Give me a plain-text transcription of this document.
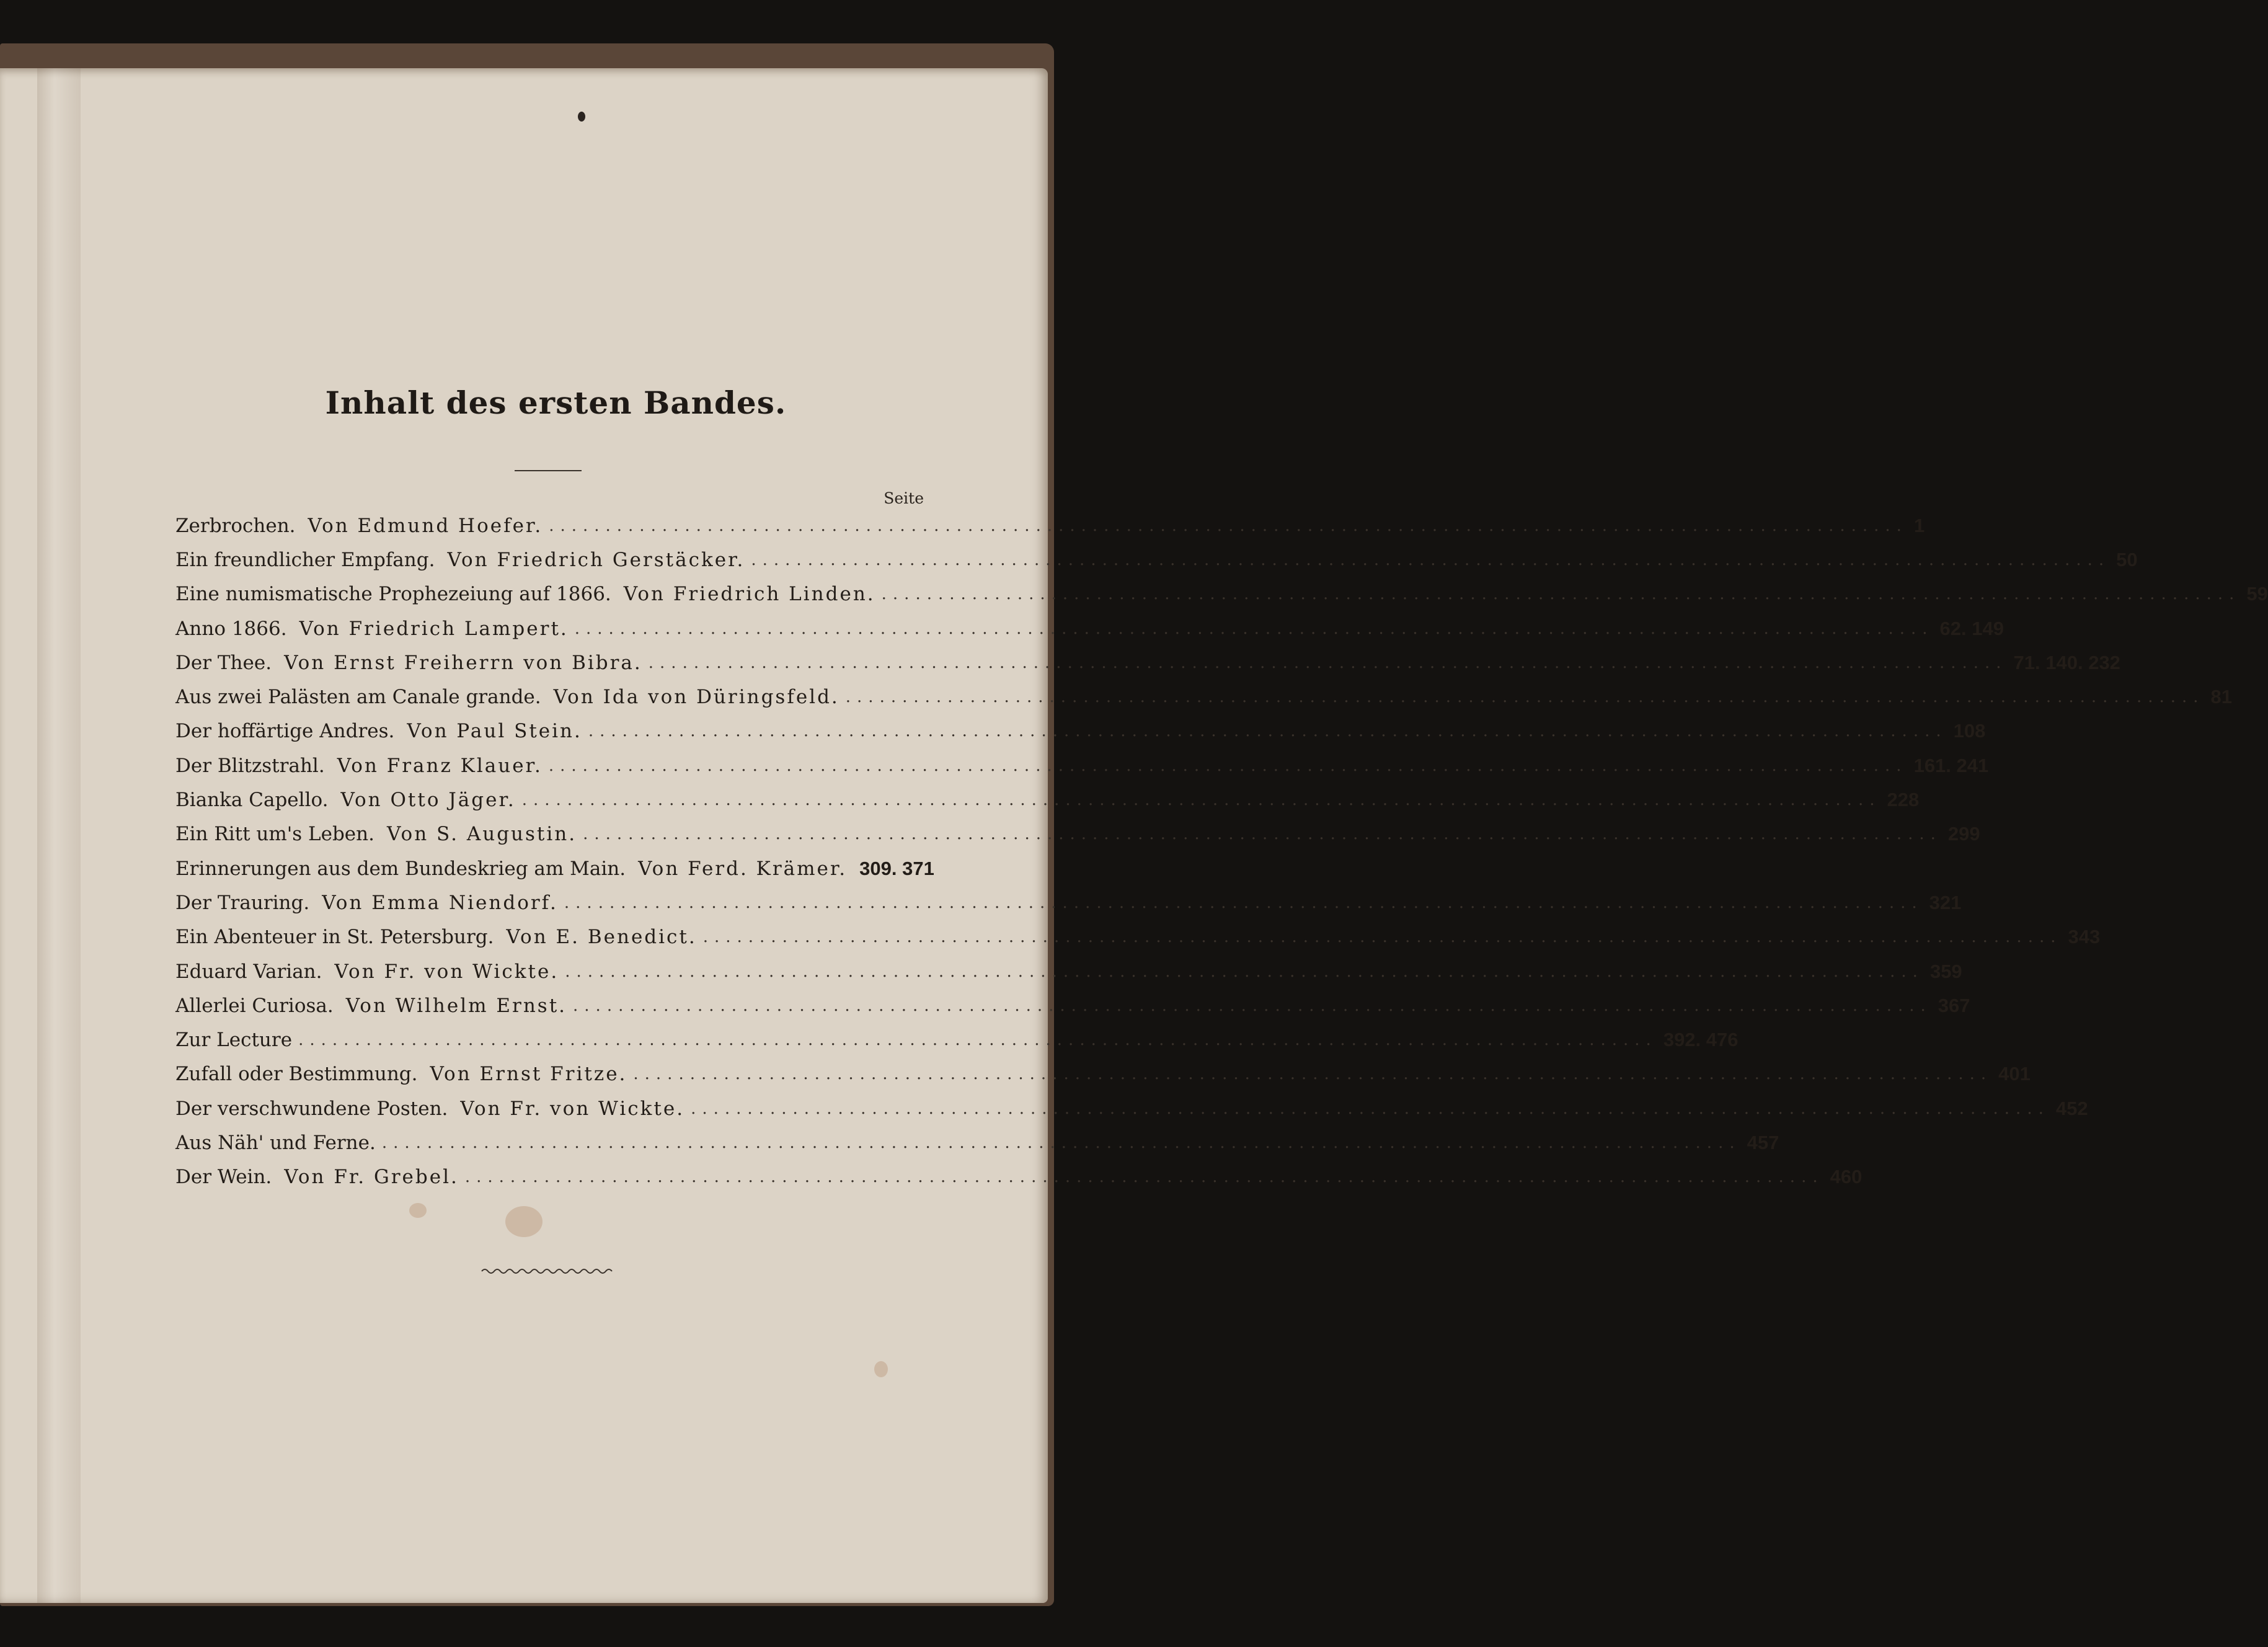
Inhalt des ersten Bandes.
Seite
Zerbrochen. Von Edmund Hoefer. ........................................................................................................................ 1
Ein freundlicher Empfang. Von Friedrich Gerstäcker. ........................................................................................................................ 50
Eine numismatische Prophezeiung auf 1866. Von Friedrich Linden. ........................................................................................................................ 59
Anno 1866. Von Friedrich Lampert. ........................................................................................................................ 62. 149
Der Thee. Von Ernst Freiherrn von Bibra. ........................................................................................................................ 71. 140. 232
Aus zwei Palästen am Canale grande. Von Ida von Düringsfeld. ........................................................................................................................ 81
Der hoffärtige Andres. Von Paul Stein. ........................................................................................................................ 108
Der Blitzstrahl. Von Franz Klauer. ........................................................................................................................ 161. 241
Bianka Capello. Von Otto Jäger. ........................................................................................................................ 228
Ein Ritt um's Leben. Von S. Augustin. ........................................................................................................................ 299
Erinnerungen aus dem Bundeskrieg am Main. Von Ferd. Krämer. 309. 371
Der Trauring. Von Emma Niendorf. ........................................................................................................................ 321
Ein Abenteuer in St. Petersburg. Von E. Benedict. ........................................................................................................................ 343
Eduard Varian. Von Fr. von Wickte. ........................................................................................................................ 359
Allerlei Curiosa. Von Wilhelm Ernst. ........................................................................................................................ 367
Zur Lecture ........................................................................................................................ 392. 476
Zufall oder Bestimmung. Von Ernst Fritze. ........................................................................................................................ 401
Der verschwundene Posten. Von Fr. von Wickte. ........................................................................................................................ 452
Aus Näh' und Ferne. ........................................................................................................................ 457
Der Wein. Von Fr. Grebel. ........................................................................................................................ 460
